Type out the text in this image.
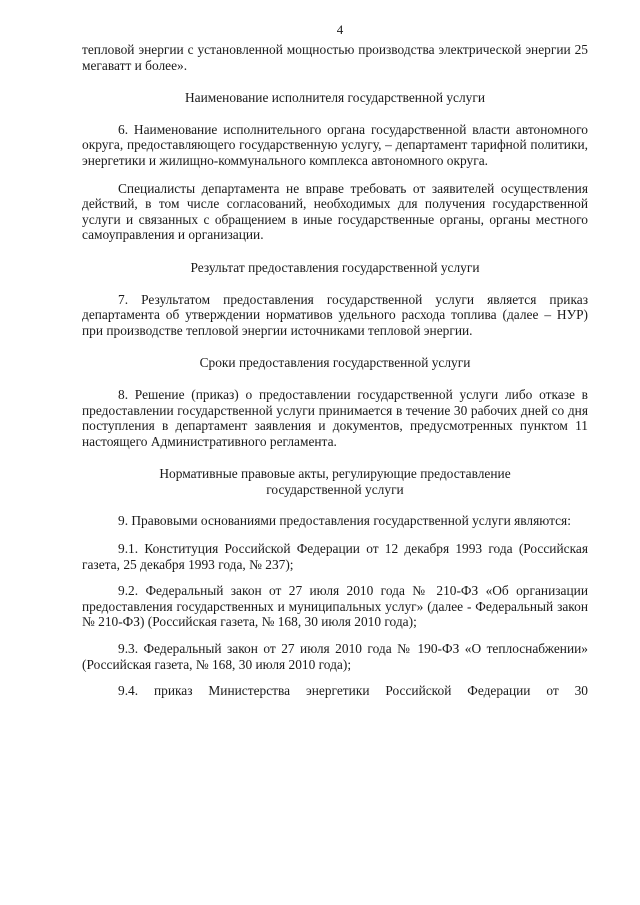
4

тепловой энергии с установленной мощностью производства электрической энергии 25 мегаватт и более».

Наименование исполнителя государственной услуги

6. Наименование исполнительного органа государственной власти автономного округа, предоставляющего государственную услугу, – департамент тарифной политики, энергетики и жилищно-коммунального комплекса автономного округа.

Специалисты департамента не вправе требовать от заявителей осуществления действий, в том числе согласований, необходимых для получения государственной услуги и связанных с обращением в иные государственные органы, органы местного самоуправления и организации.

Результат предоставления государственной услуги

7. Результатом предоставления государственной услуги является приказ департамента об утверждении нормативов удельного расхода топлива (далее – НУР) при производстве тепловой энергии источниками тепловой энергии.

Сроки предоставления государственной услуги

8. Решение (приказ) о предоставлении государственной услуги либо отказе в предоставлении государственной услуги принимается в течение 30 рабочих дней со дня поступления в департамент заявления и документов, предусмотренных пунктом 11 настоящего Административного регламента.

Нормативные правовые акты, регулирующие предоставление государственной услуги

9. Правовыми основаниями предоставления государственной услуги являются:

9.1. Конституция Российской Федерации от 12 декабря 1993 года (Российская газета, 25 декабря 1993 года, № 237);

9.2. Федеральный закон от 27 июля 2010 года № 210-ФЗ «Об организации предоставления государственных и муниципальных услуг» (далее - Федеральный закон № 210-ФЗ) (Российская газета, № 168, 30 июля 2010 года);

9.3. Федеральный закон от 27 июля 2010 года № 190-ФЗ «О теплоснабжении» (Российская газета, № 168, 30 июля 2010 года);

9.4. приказ Министерства энергетики Российской Федерации от 30
